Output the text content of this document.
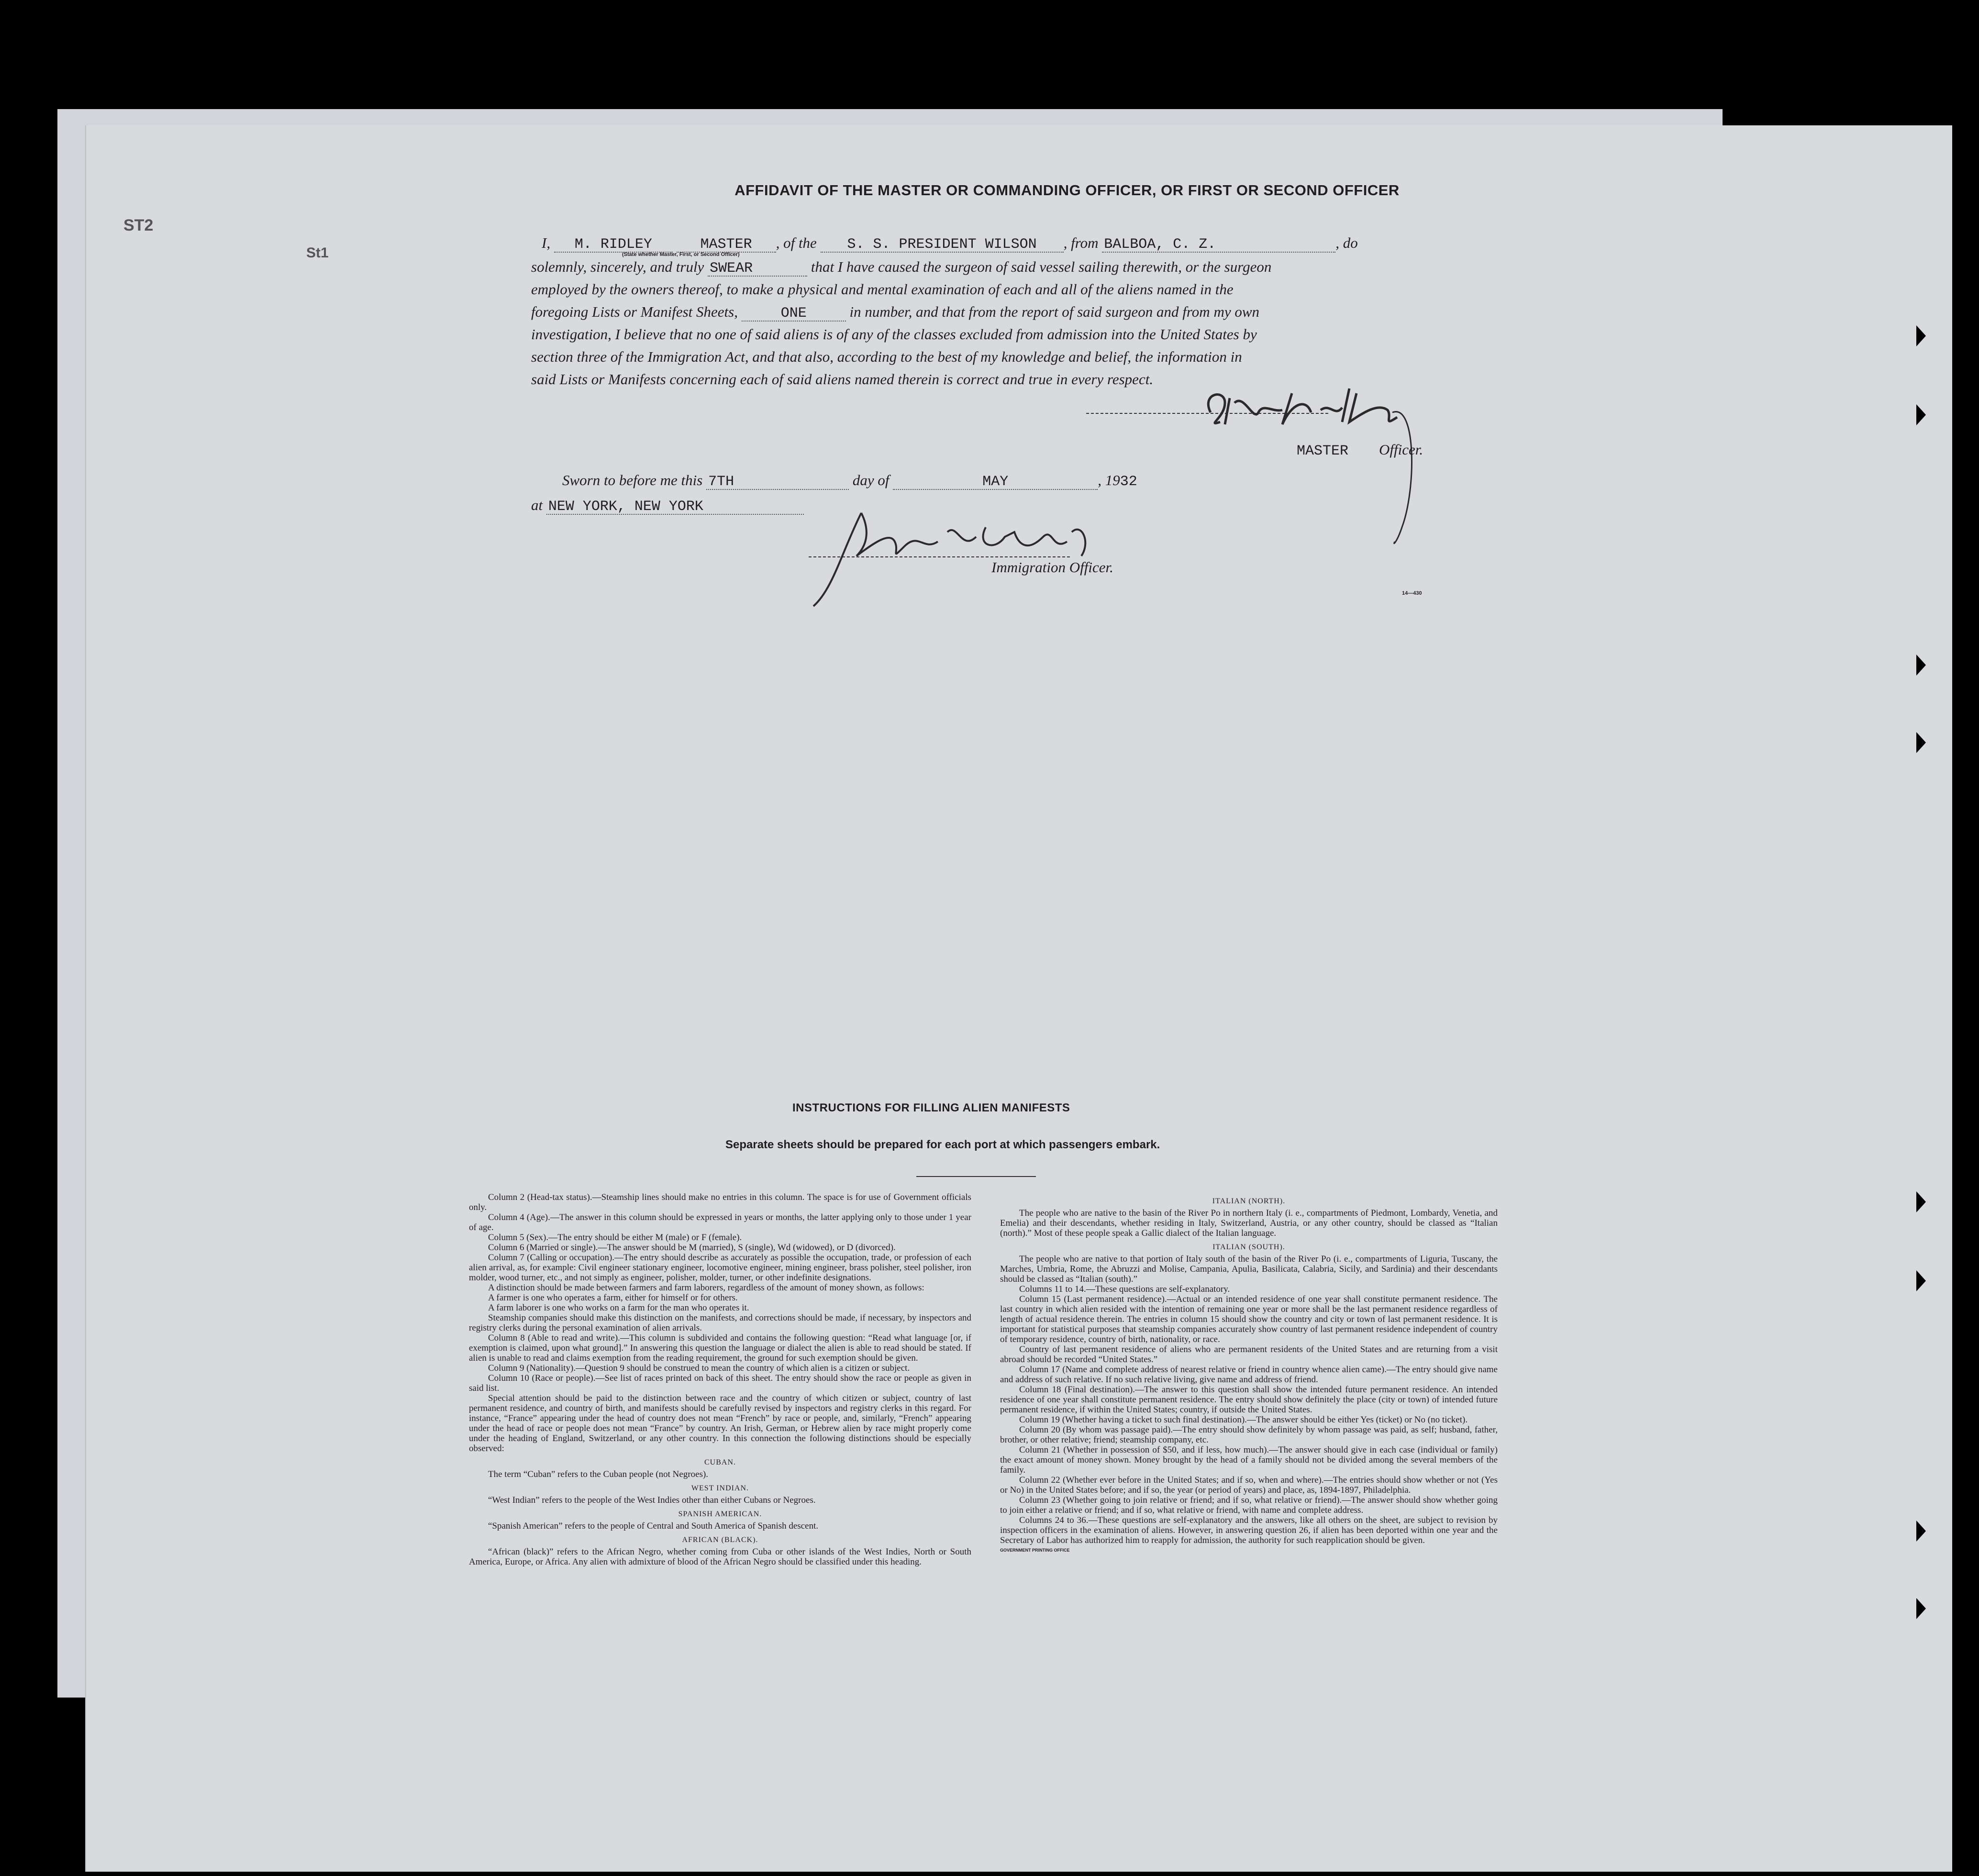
ST2
St1
AFFIDAVIT OF THE MASTER OR COMMANDING OFFICER, OR FIRST OR SECOND OFFICER
I, M. RIDLEY	MASTER , of the S. S. PRESIDENT WILSON , from BALBOA, C. Z.	, do
(State whether Master, First, or Second Officer)
solemnly, sincerely, and truly SWEAR	that I have caused the surgeon of said vessel sailing therewith, or the surgeon
employed by the owners thereof, to make a physical and mental examination of each and all of the aliens named in the
foregoing Lists or Manifest Sheets,	ONE	in number, and that from the report of said surgeon and from my own
investigation, I believe that no one of said aliens is of any of the classes excluded from admission into the United States by
section three of the Immigration Act, and that also, according to the best of my knowledge and belief, the information in
said Lists or Manifests concerning each of said aliens named therein is correct and true in every respect.
MASTER Officer.
Sworn to before me this 7TH	day of	MAY	, 1932
at NEW YORK, NEW YORK
Immigration Officer.
14—430
INSTRUCTIONS FOR FILLING ALIEN MANIFESTS
Separate sheets should be prepared for each port at which passengers embark.

Column 2 (Head-tax status).—Steamship lines should make no entries in this column. The space is for use of Government officials only.

Column 4 (Age).—The answer in this column should be expressed in years or months, the latter applying only to those under 1 year of age.

Column 5 (Sex).—The entry should be either M (male) or F (female).

Column 6 (Married or single).—The answer should be M (married), S (single), Wd (widowed), or D (divorced).

Column 7 (Calling or occupation).—The entry should describe as accurately as possible the occupation, trade, or profession of each alien arrival, as, for example: Civil engineer stationary engineer, locomotive engineer, mining engineer, brass polisher, steel polisher, iron molder, wood turner, etc., and not simply as engineer, polisher, molder, turner, or other indefinite designations.

A distinction should be made between farmers and farm laborers, regardless of the amount of money shown, as follows:

A farmer is one who operates a farm, either for himself or for others.

A farm laborer is one who works on a farm for the man who operates it.

Steamship companies should make this distinction on the manifests, and corrections should be made, if necessary, by inspectors and registry clerks during the personal examination of alien arrivals.

Column 8 (Able to read and write).—This column is subdivided and contains the following question: “Read what language [or, if exemption is claimed, upon what ground].” In answering this question the language or dialect the alien is able to read should be stated. If alien is unable to read and claims exemption from the reading requirement, the ground for such exemption should be given.

Column 9 (Nationality).—Question 9 should be construed to mean the country of which alien is a citizen or subject.

Column 10 (Race or people).—See list of races printed on back of this sheet. The entry should show the race or people as given in said list.

Special attention should be paid to the distinction between race and the country of which citizen or subject, country of last permanent residence, and country of birth, and manifests should be carefully revised by inspectors and registry clerks in this regard. For instance, “France” appearing under the head of country does not mean “French” by race or people, and, similarly, “French” appearing under the head of race or people does not mean “France” by country. An Irish, German, or Hebrew alien by race might properly come under the heading of England, Switzerland, or any other country. In this connection the following distinctions should be especially observed:

CUBAN.

The term “Cuban” refers to the Cuban people (not Negroes).

WEST INDIAN.

“West Indian” refers to the people of the West Indies other than either Cubans or Negroes.

SPANISH AMERICAN.

“Spanish American” refers to the people of Central and South America of Spanish descent.

AFRICAN (BLACK).

“African (black)” refers to the African Negro, whether coming from Cuba or other islands of the West Indies, North or South America, Europe, or Africa. Any alien with admixture of blood of the African Negro should be classified under this heading.

ITALIAN (NORTH).

The people who are native to the basin of the River Po in northern Italy (i. e., compartments of Piedmont, Lombardy, Venetia, and Emelia) and their descendants, whether residing in Italy, Switzerland, Austria, or any other country, should be classed as “Italian (north).” Most of these people speak a Gallic dialect of the Italian language.

ITALIAN (SOUTH).

The people who are native to that portion of Italy south of the basin of the River Po (i. e., compartments of Liguria, Tuscany, the Marches, Umbria, Rome, the Abruzzi and Molise, Campania, Apulia, Basilicata, Calabria, Sicily, and Sardinia) and their descendants should be classed as “Italian (south).”

Columns 11 to 14.—These questions are self-explanatory.

Column 15 (Last permanent residence).—Actual or an intended residence of one year shall constitute permanent residence. The last country in which alien resided with the intention of remaining one year or more shall be the last permanent residence regardless of length of actual residence therein. The entries in column 15 should show the country and city or town of last permanent residence. It is important for statistical purposes that steamship companies accurately show country of last permanent residence independent of country of temporary residence, country of birth, nationality, or race.

Country of last permanent residence of aliens who are permanent residents of the United States and are returning from a visit abroad should be recorded “United States.”

Column 17 (Name and complete address of nearest relative or friend in country whence alien came).—The entry should give name and address of such relative. If no such relative living, give name and address of friend.

Column 18 (Final destination).—The answer to this question shall show the intended future permanent residence. An intended residence of one year shall constitute permanent residence. The entry should show definitely the place (city or town) of intended future permanent residence, if within the United States; country, if outside the United States.

Column 19 (Whether having a ticket to such final destination).—The answer should be either Yes (ticket) or No (no ticket).

Column 20 (By whom was passage paid).—The entry should show definitely by whom passage was paid, as self; husband, father, brother, or other relative; friend; steamship company, etc.

Column 21 (Whether in possession of $50, and if less, how much).—The answer should give in each case (individual or family) the exact amount of money shown. Money brought by the head of a family should not be divided among the several members of the family.

Column 22 (Whether ever before in the United States; and if so, when and where).—The entries should show whether or not (Yes or No) in the United States before; and if so, the year (or period of years) and place, as, 1894-1897, Philadelphia.

Column 23 (Whether going to join relative or friend; and if so, what relative or friend).—The answer should show whether going to join either a relative or friend; and if so, what relative or friend, with name and complete address.

Columns 24 to 36.—These questions are self-explanatory and the answers, like all others on the sheet, are subject to revision by inspection officers in the examination of aliens. However, in answering question 26, if alien has been deported within one year and the Secretary of Labor has authorized him to reapply for admission, the authority for such reapplication should be given.

GOVERNMENT PRINTING OFFICE
